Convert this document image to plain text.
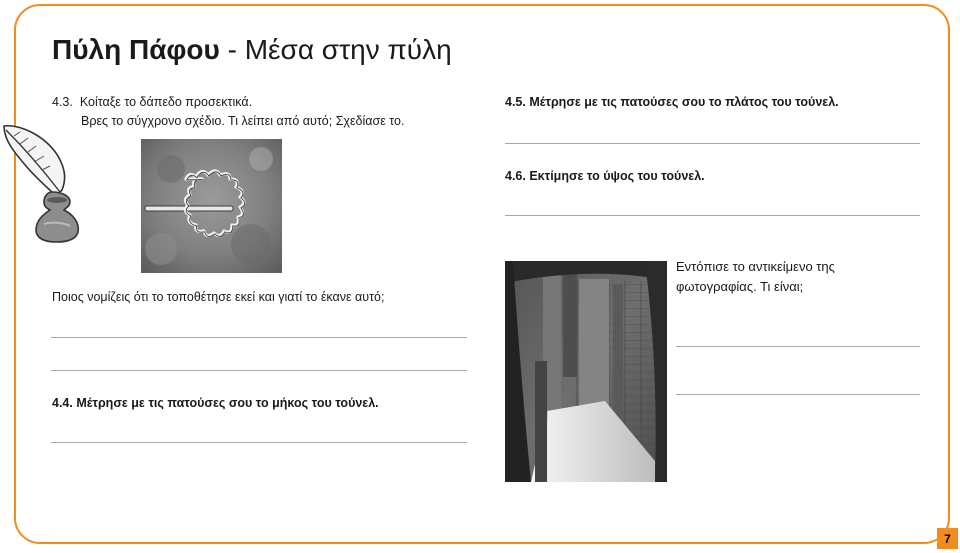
Πύλη Πάφου - Μέσα στην πύλη
4.3. Κοίταξε το δάπεδο προσεκτικά.
Βρες το σύγχρονο σχέδιο. Τι λείπει από αυτό; Σχεδίασε το.
Ποιος νομίζεις ότι το τοποθέτησε εκεί και γιατί το έκανε αυτό;
4.4. Μέτρησε με τις πατούσες σου το μήκος του τούνελ.
4.5. Μέτρησε με τις πατούσες σου το πλάτος του τούνελ.
4.6. Εκτίμησε το ύψος του τούνελ.
Εντόπισε το αντικείμενο της
φωτογραφίας. Τι είναι;
7
